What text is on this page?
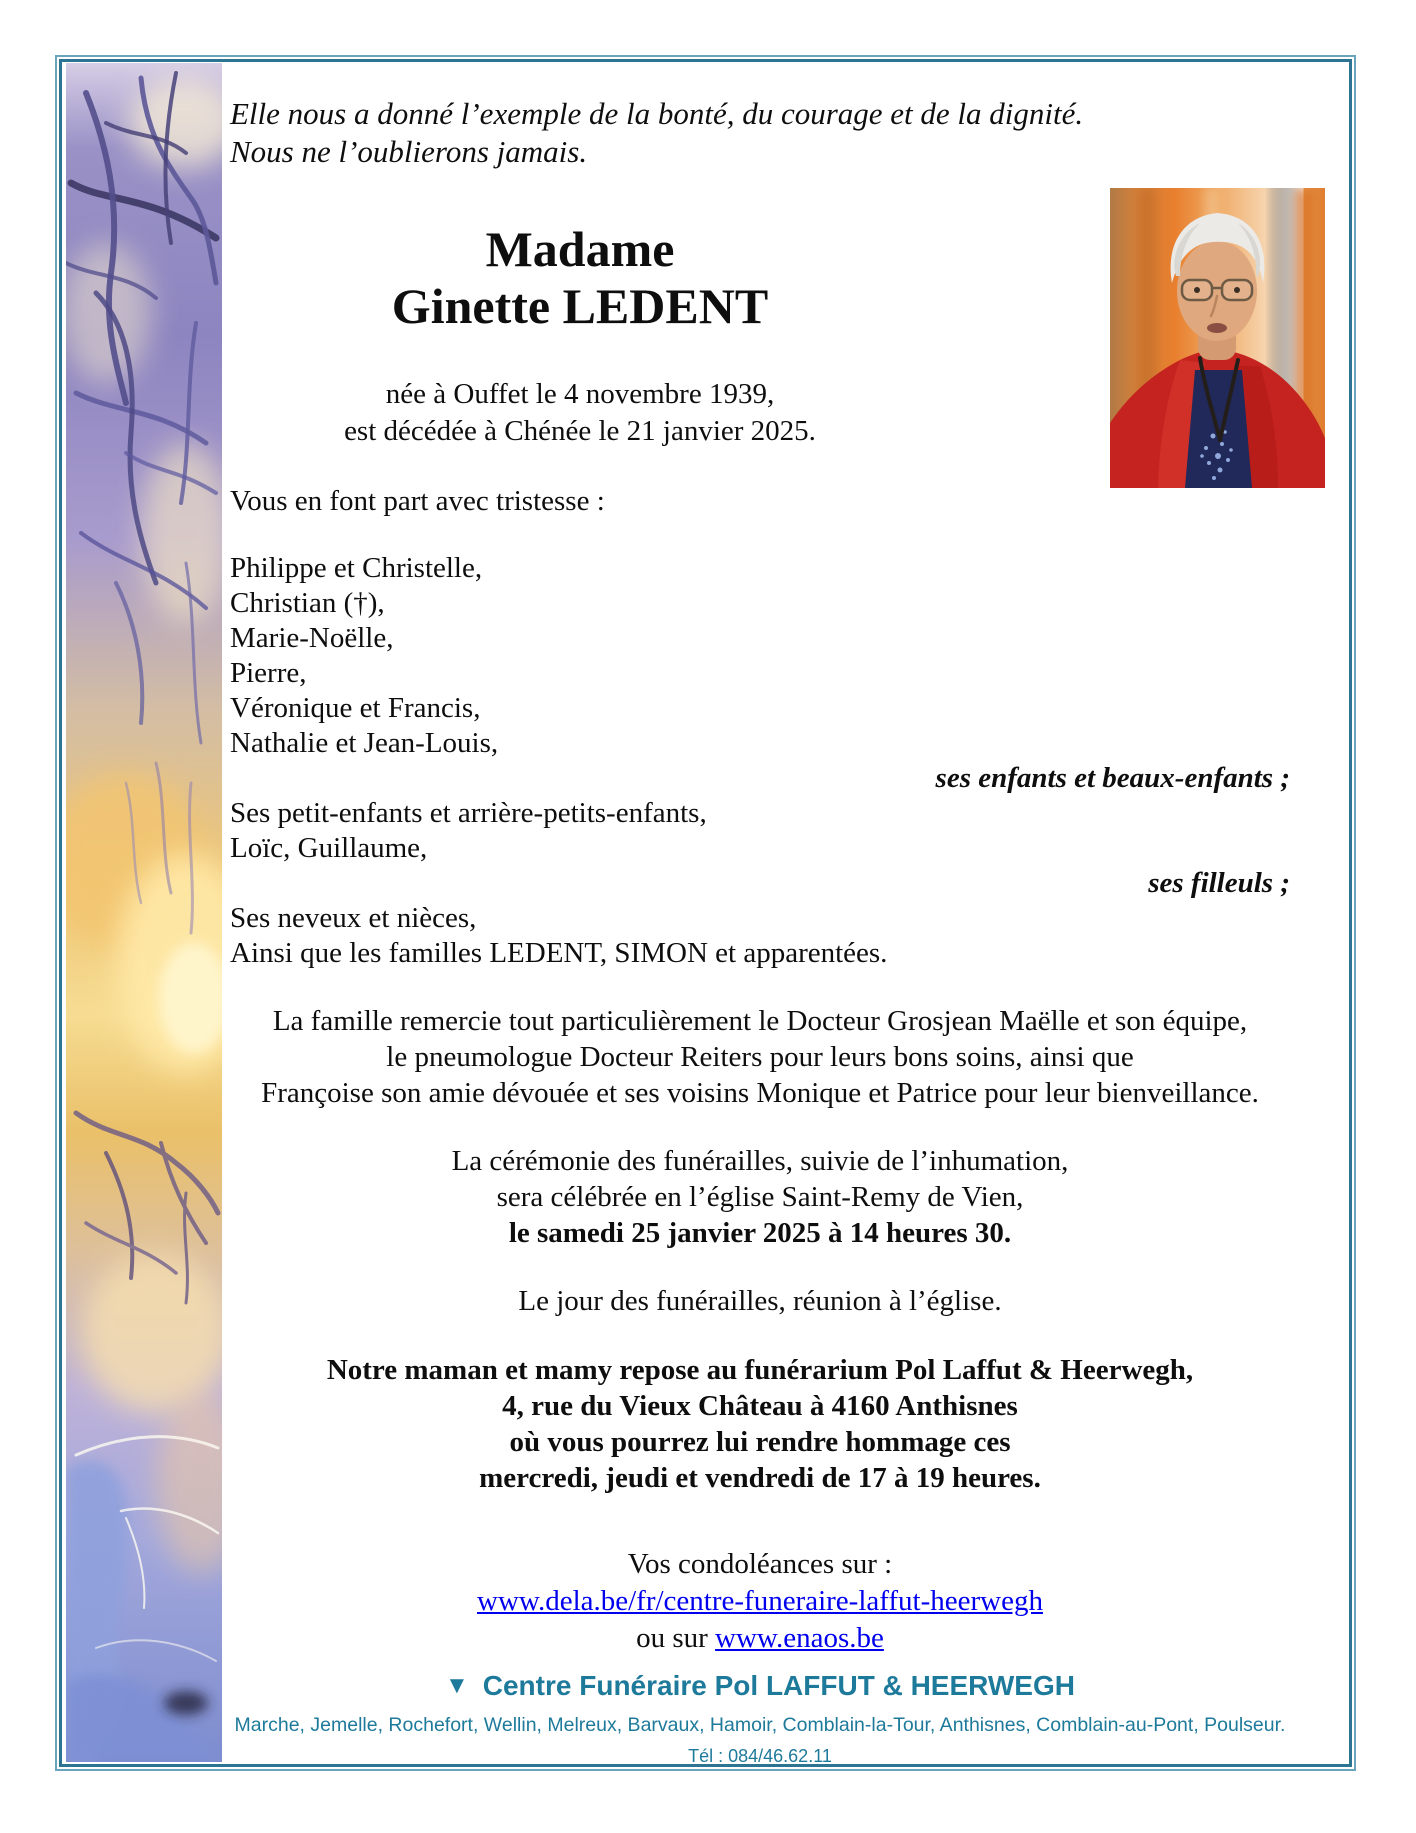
Elle nous a donné l’exemple de la bonté, du courage et de la dignité.
Nous ne l’oublierons jamais.
Madame
Ginette LEDENT
née à Ouffet le 4 novembre 1939,
est décédée à Chénée le 21 janvier 2025.
Vous en font part avec tristesse :
Philippe et Christelle,
Christian (†),
Marie-Noëlle,
Pierre,
Véronique et Francis,
Nathalie et Jean-Louis,
ses enfants et beaux-enfants ;
Ses petit-enfants et arrière-petits-enfants,
Loïc, Guillaume,
ses filleuls ;
Ses neveux et nièces,
Ainsi que les familles LEDENT, SIMON et apparentées.
La famille remercie tout particulièrement le Docteur Grosjean Maëlle et son équipe,
le pneumologue Docteur Reiters pour leurs bons soins, ainsi que
Françoise son amie dévouée et ses voisins Monique et Patrice pour leur bienveillance.
La cérémonie des funérailles, suivie de l’inhumation,
sera célébrée en l’église Saint-Remy de Vien,
le samedi 25 janvier 2025 à 14 heures 30.
Le jour des funérailles, réunion à l’église.
Notre maman et mamy repose au funérarium Pol Laffut & Heerwegh,
4, rue du Vieux Château à 4160 Anthisnes
où vous pourrez lui rendre hommage ces
mercredi, jeudi et vendredi de 17 à 19 heures.
Vos condoléances sur :
www.dela.be/fr/centre-funeraire-laffut-heerwegh
ou sur www.enaos.be
▼ Centre Funéraire Pol LAFFUT & HEERWEGH
Marche, Jemelle, Rochefort, Wellin, Melreux, Barvaux, Hamoir, Comblain-la-Tour, Anthisnes, Comblain-au-Pont, Poulseur.
Tél : 084/46.62.11
